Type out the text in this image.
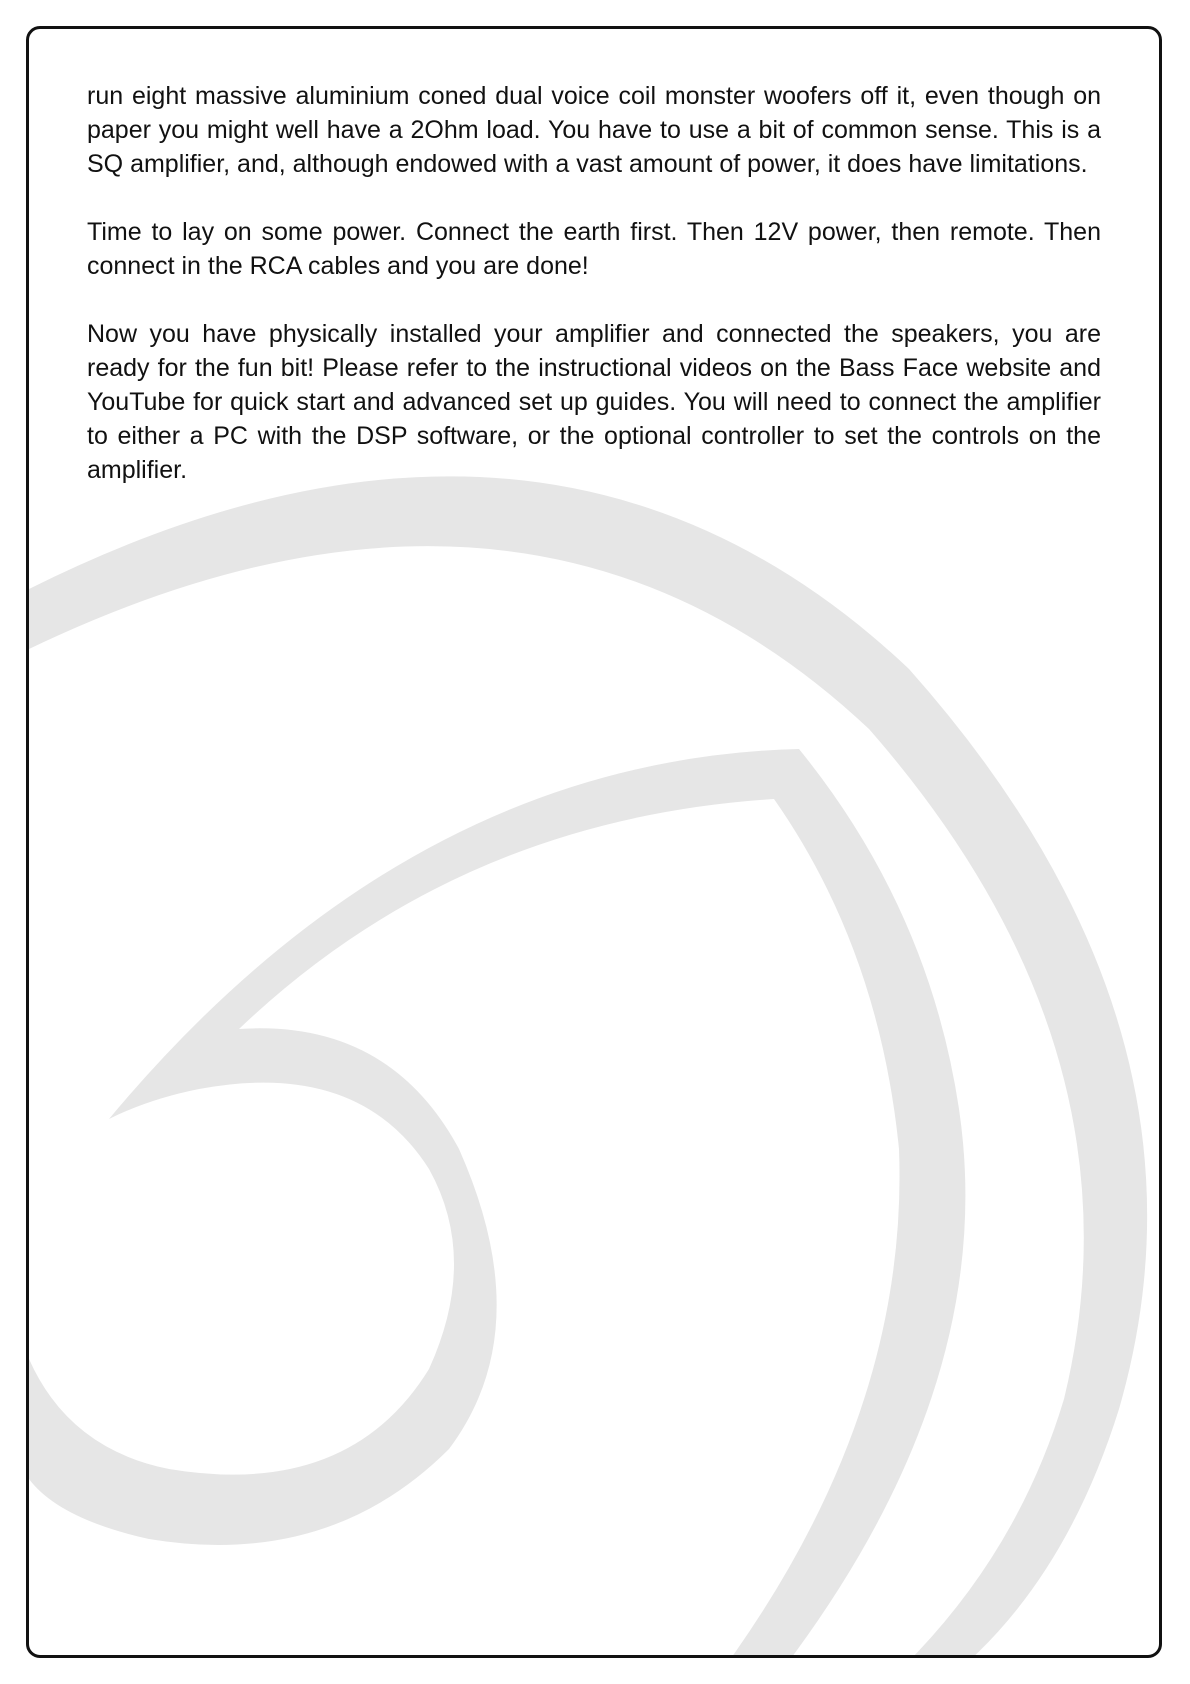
run eight massive aluminium coned dual voice coil monster woofers off it, even though on paper you might well have a 2Ohm load. You have to use a bit of common sense. This is a SQ amplifier, and, although endowed with a vast amount of power, it does have limitations.

Time to lay on some power. Connect the earth first. Then 12V power, then remote. Then connect in the RCA cables and you are done!

Now you have physically installed your amplifier and connected the speakers, you are ready for the fun bit! Please refer to the instructional videos on the Bass Face website and YouTube for quick start and advanced set up guides. You will need to connect the amplifier to either a PC with the DSP software, or the optional controller to set the controls on the amplifier.
